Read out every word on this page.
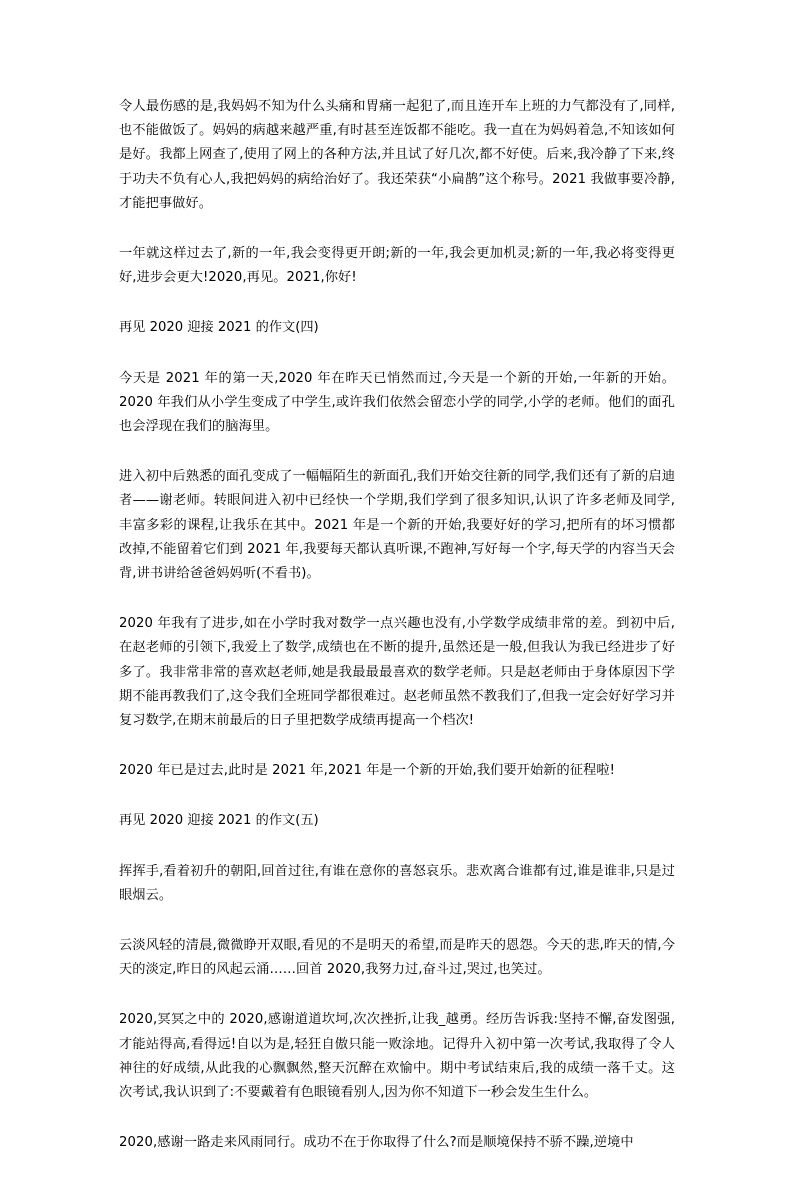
令人最伤感的是,我妈妈不知为什么头痛和胃痛一起犯了,而且连开车上班的力气都没有了,同样,也不能做饭了。妈妈的病越来越严重,有时甚至连饭都不能吃。我一直在为妈妈着急,不知该如何是好。我都上网查了,使用了网上的各种方法,并且试了好几次,都不好使。后来,我冷静了下来,终于功夫不负有心人,我把妈妈的病给治好了。我还荣获“小扁鹊”这个称号。2021 我做事要冷静,才能把事做好。

一年就这样过去了,新的一年,我会变得更开朗;新的一年,我会更加机灵;新的一年,我必将变得更好,进步会更大!2020,再见。2021,你好!

再见 2020 迎接 2021 的作文(四)

今天是 2021 年的第一天,2020 年在昨天已悄然而过,今天是一个新的开始,一年新的开始。2020 年我们从小学生变成了中学生,或许我们依然会留恋小学的同学,小学的老师。他们的面孔也会浮现在我们的脑海里。

进入初中后熟悉的面孔变成了一幅幅陌生的新面孔,我们开始交往新的同学,我们还有了新的启迪者——谢老师。转眼间进入初中已经快一个学期,我们学到了很多知识,认识了许多老师及同学,丰富多彩的课程,让我乐在其中。2021 年是一个新的开始,我要好好的学习,把所有的坏习惯都改掉,不能留着它们到 2021 年,我要每天都认真听课,不跑神,写好每一个字,每天学的内容当天会背,讲书讲给爸爸妈妈听(不看书)。

2020 年我有了进步,如在小学时我对数学一点兴趣也没有,小学数学成绩非常的差。到初中后,在赵老师的引领下,我爱上了数学,成绩也在不断的提升,虽然还是一般,但我认为我已经进步了好多了。我非常非常的喜欢赵老师,她是我最最最喜欢的数学老师。只是赵老师由于身体原因下学期不能再教我们了,这令我们全班同学都很难过。赵老师虽然不教我们了,但我一定会好好学习并复习数学,在期末前最后的日子里把数学成绩再提高一个档次!

2020 年已是过去,此时是 2021 年,2021 年是一个新的开始,我们要开始新的征程啦!

再见 2020 迎接 2021 的作文(五)

挥挥手,看着初升的朝阳,回首过往,有谁在意你的喜怒哀乐。悲欢离合谁都有过,谁是谁非,只是过眼烟云。

云淡风轻的清晨,微微睁开双眼,看见的不是明天的希望,而是昨天的恩怨。今天的悲,昨天的情,今天的淡定,昨日的风起云涌……回首 2020,我努力过,奋斗过,哭过,也笑过。

2020,冥冥之中的 2020,感谢道道坎坷,次次挫折,让我_越勇。经历告诉我:坚持不懈,奋发图强,才能站得高,看得远!自以为是,轻狂自傲只能一败涂地。记得升入初中第一次考试,我取得了令人神往的好成绩,从此我的心飘飘然,整天沉醉在欢愉中。期中考试结束后,我的成绩一落千丈。这次考试,我认识到了:不要戴着有色眼镜看别人,因为你不知道下一秒会发生生什么。

2020,感谢一路走来风雨同行。成功不在于你取得了什么?而是顺境保持不骄不躁,逆境中
